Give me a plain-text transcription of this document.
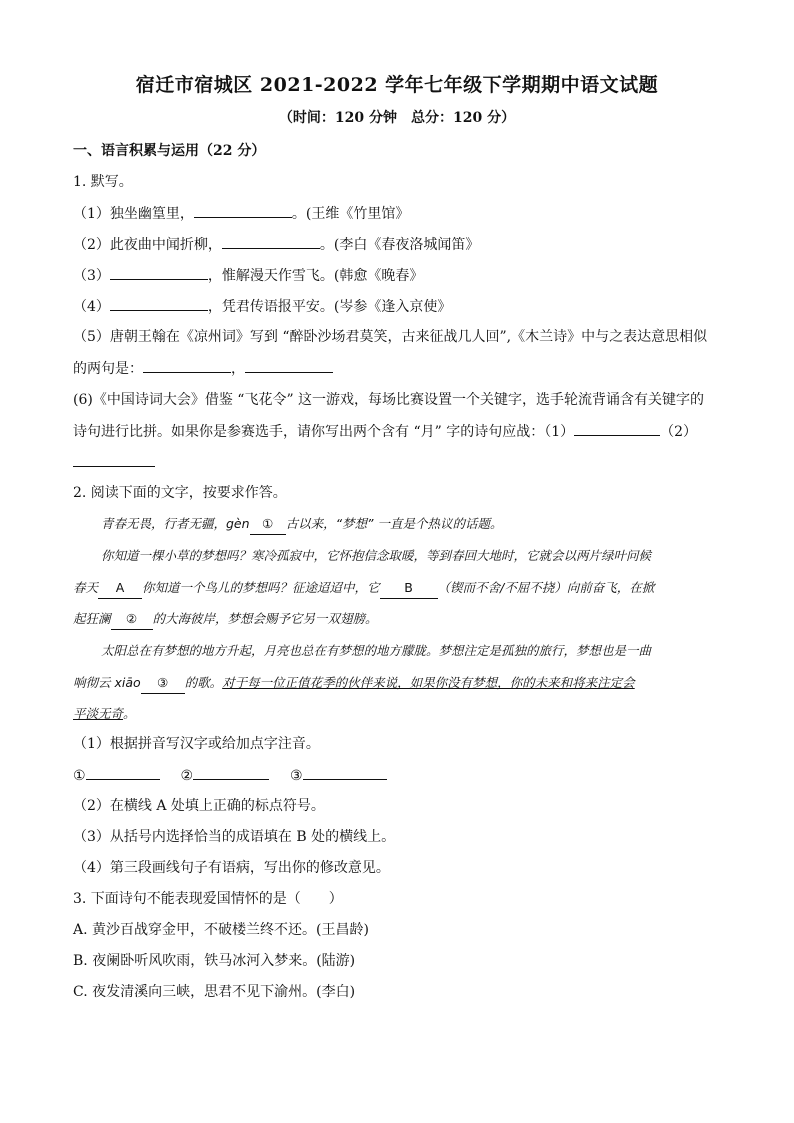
宿迁市宿城区 2021-2022 学年七年级下学期期中语文试题
（时间：120 分钟　总分：120 分）
一、语言积累与运用（22 分）
1. 默写。
（1）独坐幽篁里，	。(王维《竹里馆》
（2）此夜曲中闻折柳，	。(李白《春夜洛城闻笛》
（3）	，惟解漫天作雪飞。(韩愈《晚春》
（4）	，凭君传语报平安。(岑参《逢入京使》
（5）唐朝王翰在《凉州词》写到 “醉卧沙场君莫笑，古来征战几人回”,《木兰诗》中与之表达意思相似
的两句是：	，
(6)《中国诗词大会》借鉴 “飞花令” 这一游戏，每场比赛设置一个关键字，选手轮流背诵含有关键字的
诗句进行比拼。如果你是参赛选手，请你写出两个含有 “月” 字的诗句应战：（1）	（2）
2. 阅读下面的文字，按要求作答。
青春无畏，行者无疆，gèn ① 古以来，“梦想” 一直是个热议的话题。
你知道一棵小草的梦想吗？寒冷孤寂中，它怀抱信念取暖，等到春回大地时，它就会以两片绿叶问候
春天 A 你知道一个鸟儿的梦想吗？征途迢迢中，它 B （锲而不舍/不屈不挠）向前奋飞，在掀
起狂澜 ② 的大海彼岸，梦想会赐予它另一双翅膀。
太阳总在有梦想的地方升起，月亮也总在有梦想的地方朦胧。梦想注定是孤独的旅行，梦想也是一曲
响彻云 xiāo ③ 的歌。对于每一位正值花季的伙伴来说，如果你没有梦想，你的未来和将来注定会
平淡无奇。
（1）根据拼音写汉字或给加点字注音。
①	②	③
（2）在横线 A 处填上正确的标点符号。
（3）从括号内选择恰当的成语填在 B 处的横线上。
（4）第三段画线句子有语病，写出你的修改意见。
3. 下面诗句不能表现爱国情怀的是（　　）
A. 黄沙百战穿金甲，不破楼兰终不还。(王昌龄)
B. 夜阑卧听风吹雨，铁马冰河入梦来。(陆游)
C. 夜发清溪向三峡，思君不见下渝州。(李白)
